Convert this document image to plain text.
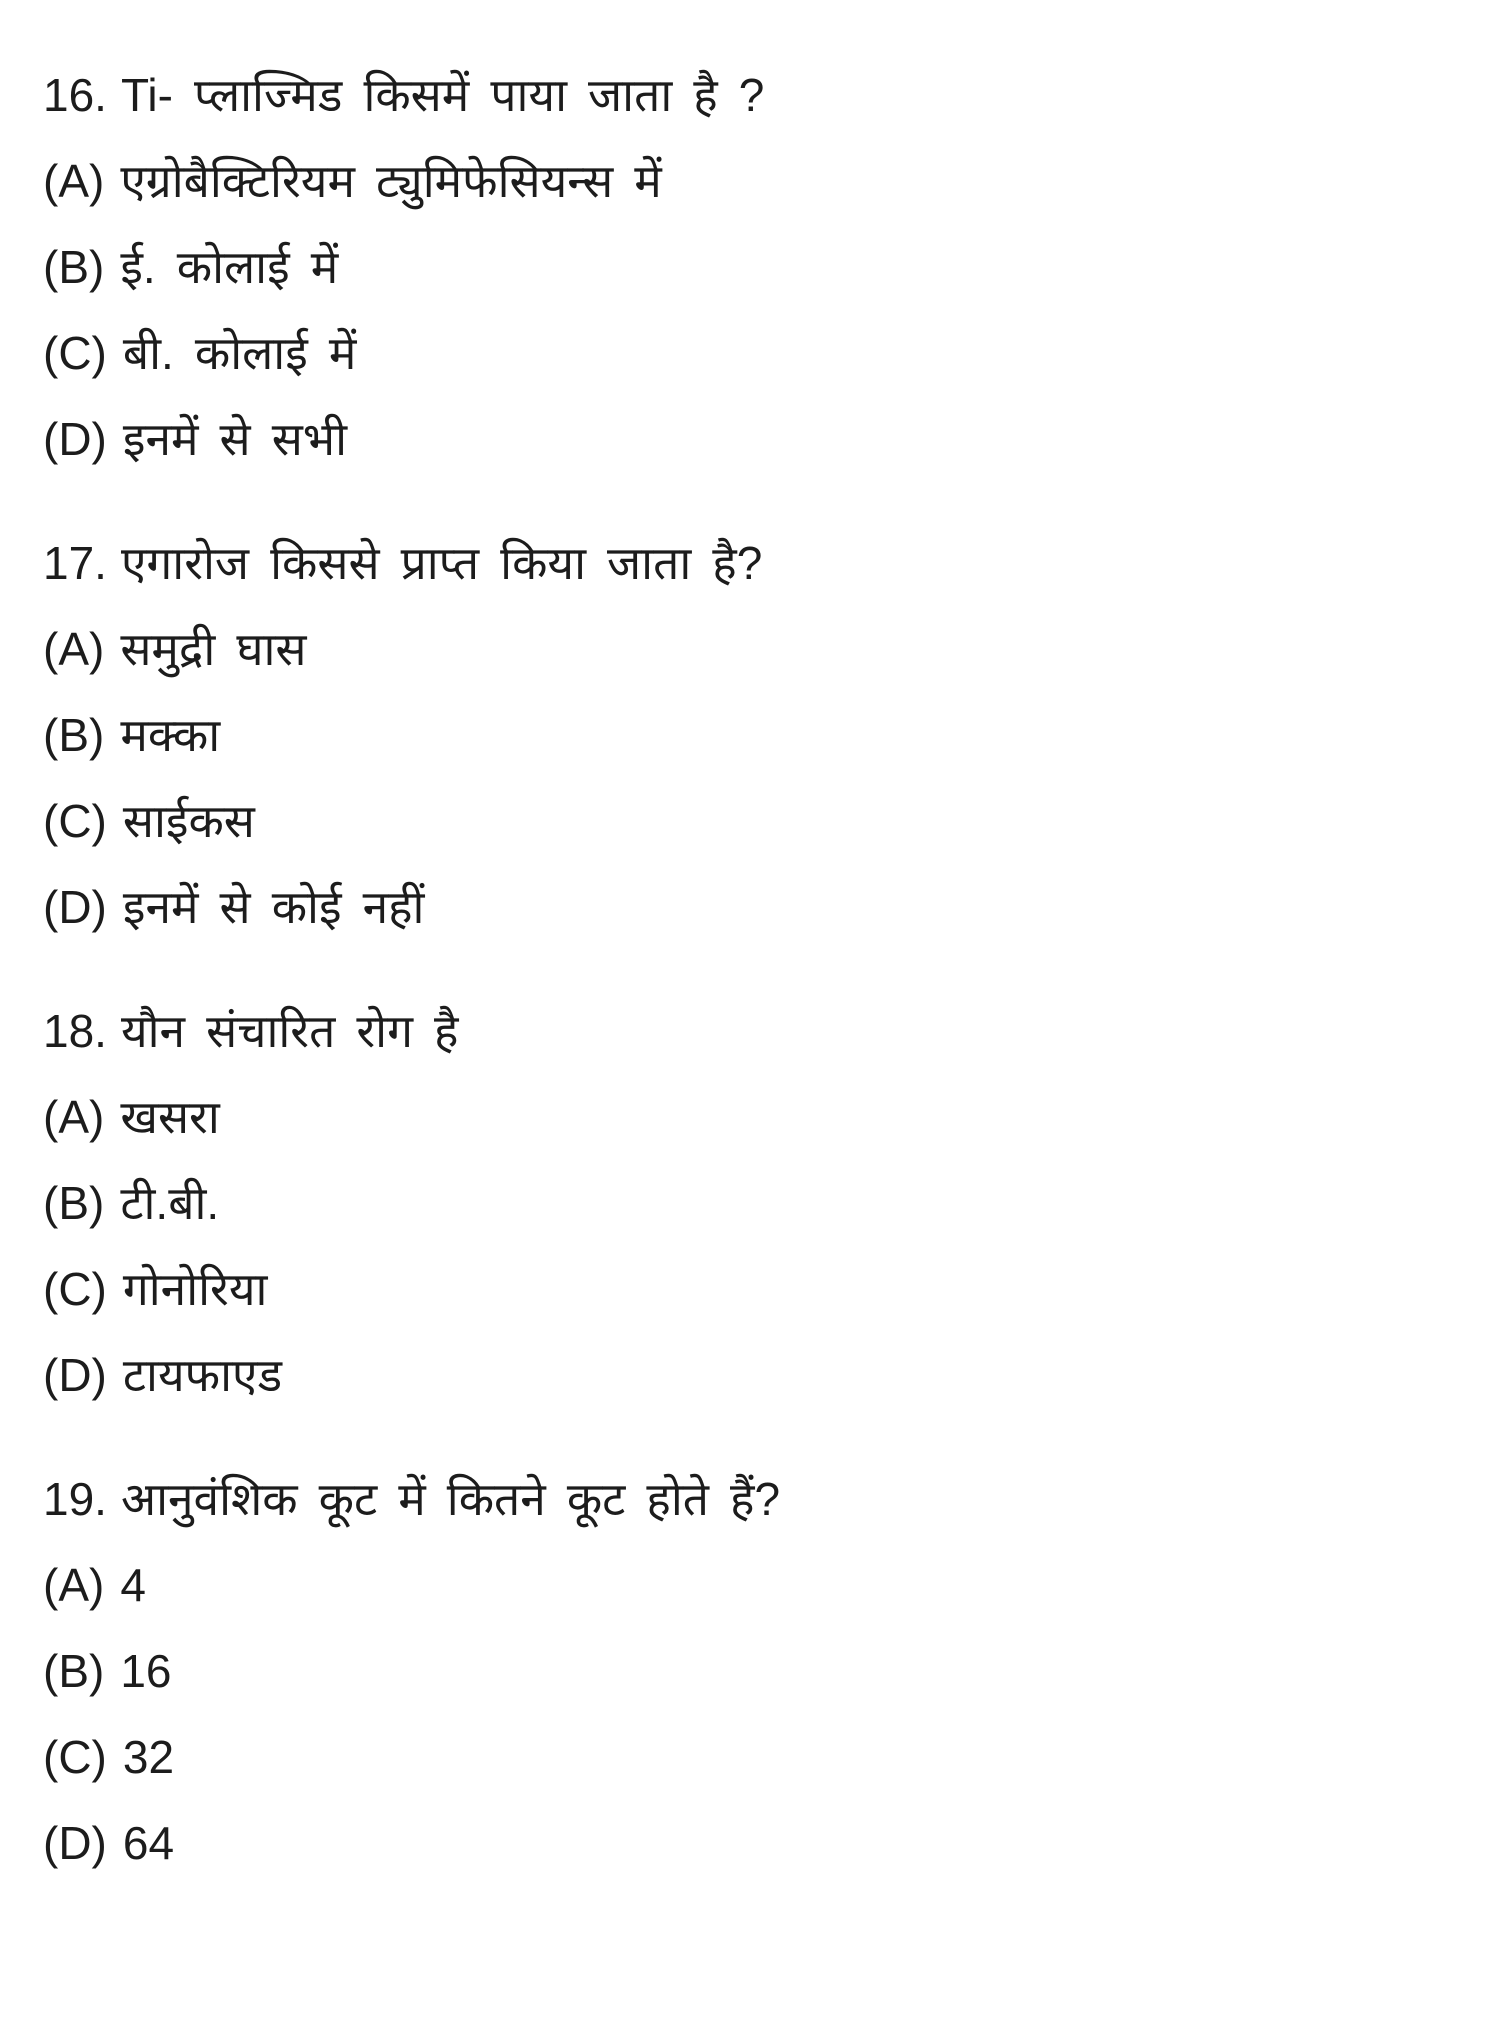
16. Ti- प्लाज्मिड किसमें पाया जाता है ?
(A) एग्रोबैक्टिरियम ट्युमिफेसियन्स में
(B) ई. कोलाई में
(C) बी. कोलाई में
(D) इनमें से सभी
17. एगारोज किससे प्राप्त किया जाता है?
(A) समुद्री घास
(B) मक्का
(C) साईकस
(D) इनमें से कोई नहीं
18. यौन संचारित रोग है
(A) खसरा
(B) टी.बी.
(C) गोनोरिया
(D) टायफाएड
19. आनुवंशिक कूट में कितने कूट होते हैं?
(A) 4
(B) 16
(C) 32
(D) 64
